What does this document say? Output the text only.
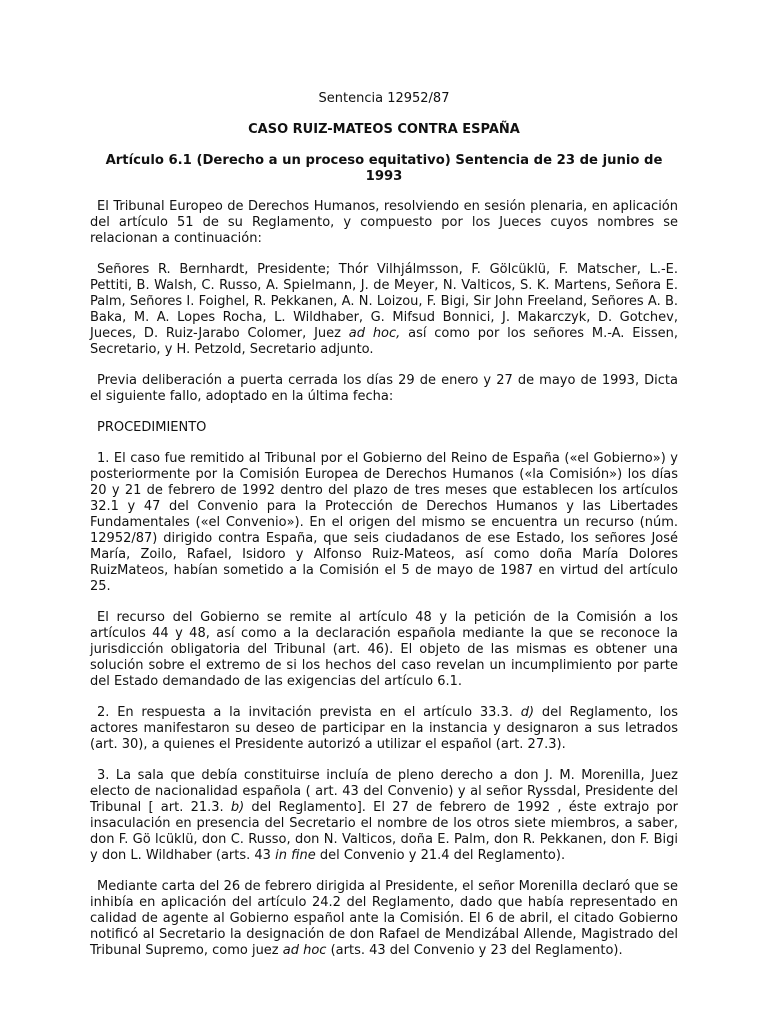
Sentencia 12952/87
CASO RUIZ-MATEOS CONTRA ESPAÑA
Artículo 6.1 (Derecho a un proceso equitativo) Sentencia de 23 de junio de 1993

El Tribunal Europeo de Derechos Humanos, resolviendo en sesión plenaria, en aplicación del artículo 51 de su Reglamento, y compuesto por los Jueces cuyos nombres se relacionan a continuación:

Señores R. Bernhardt, Presidente; Thór Vilhjálmsson, F. Gölcüklü, F. Matscher, L.-E. Pettiti, B. Walsh, C. Russo, A. Spielmann, J. de Meyer, N. Valticos, S. K. Martens, Señora E. Palm, Señores I. Foighel, R. Pekkanen, A. N. Loizou, F. Bigi, Sir John Freeland, Señores A. B. Baka, M. A. Lopes Rocha, L. Wildhaber, G. Mifsud Bonnici, J. Makarczyk, D. Gotchev, Jueces, D. Ruiz-Jarabo Colomer, Juez ad hoc, así como por los señores M.-A. Eissen, Secretario, y H. Petzold, Secretario adjunto.

Previa deliberación a puerta cerrada los días 29 de enero y 27 de mayo de 1993, Dicta el siguiente fallo, adoptado en la última fecha:

PROCEDIMIENTO

1. El caso fue remitido al Tribunal por el Gobierno del Reino de España («el Gobierno») y posteriormente por la Comisión Europea de Derechos Humanos («la Comisión») los días 20 y 21 de febrero de 1992 dentro del plazo de tres meses que establecen los artículos 32.1 y 47 del Convenio para la Protección de Derechos Humanos y las Libertades Fundamentales («el Convenio»). En el origen del mismo se encuentra un recurso (núm. 12952/87) dirigido contra España, que seis ciudadanos de ese Estado, los señores José María, Zoilo, Rafael, Isidoro y Alfonso Ruiz-Mateos, así como doña María Dolores RuizMateos, habían sometido a la Comisión el 5 de mayo de 1987 en virtud del artículo 25.

El recurso del Gobierno se remite al artículo 48 y la petición de la Comisión a los artículos 44 y 48, así como a la declaración española mediante la que se reconoce la jurisdicción obligatoria del Tribunal (art. 46). El objeto de las mismas es obtener una solución sobre el extremo de si los hechos del caso revelan un incumplimiento por parte del Estado demandado de las exigencias del artículo 6.1.

2. En respuesta a la invitación prevista en el artículo 33.3. d) del Reglamento, los actores manifestaron su deseo de participar en la instancia y designaron a sus letrados (art. 30), a quienes el Presidente autorizó a utilizar el español (art. 27.3).

3. La sala que debía constituirse incluía de pleno derecho a don J. M. Morenilla, Juez electo de nacionalidad española ( art. 43 del Convenio) y al señor Ryssdal, Presidente del Tribunal [ art. 21.3. b) del Reglamento]. El 27 de febrero de 1992 , éste extrajo por insaculación en presencia del Secretario el nombre de los otros siete miembros, a saber, don F. Gö lcüklü, don C. Russo, don N. Valticos, doña E. Palm, don R. Pekkanen, don F. Bigi y don L. Wildhaber (arts. 43 in fine del Convenio y 21.4 del Reglamento).

Mediante carta del 26 de febrero dirigida al Presidente, el señor Morenilla declaró que se inhibía en aplicación del artículo 24.2 del Reglamento, dado que había representado en calidad de agente al Gobierno español ante la Comisión. El 6 de abril, el citado Gobierno notificó al Secretario la designación de don Rafael de Mendizábal Allende, Magistrado del Tribunal Supremo, como juez ad hoc (arts. 43 del Convenio y 23 del Reglamento).
